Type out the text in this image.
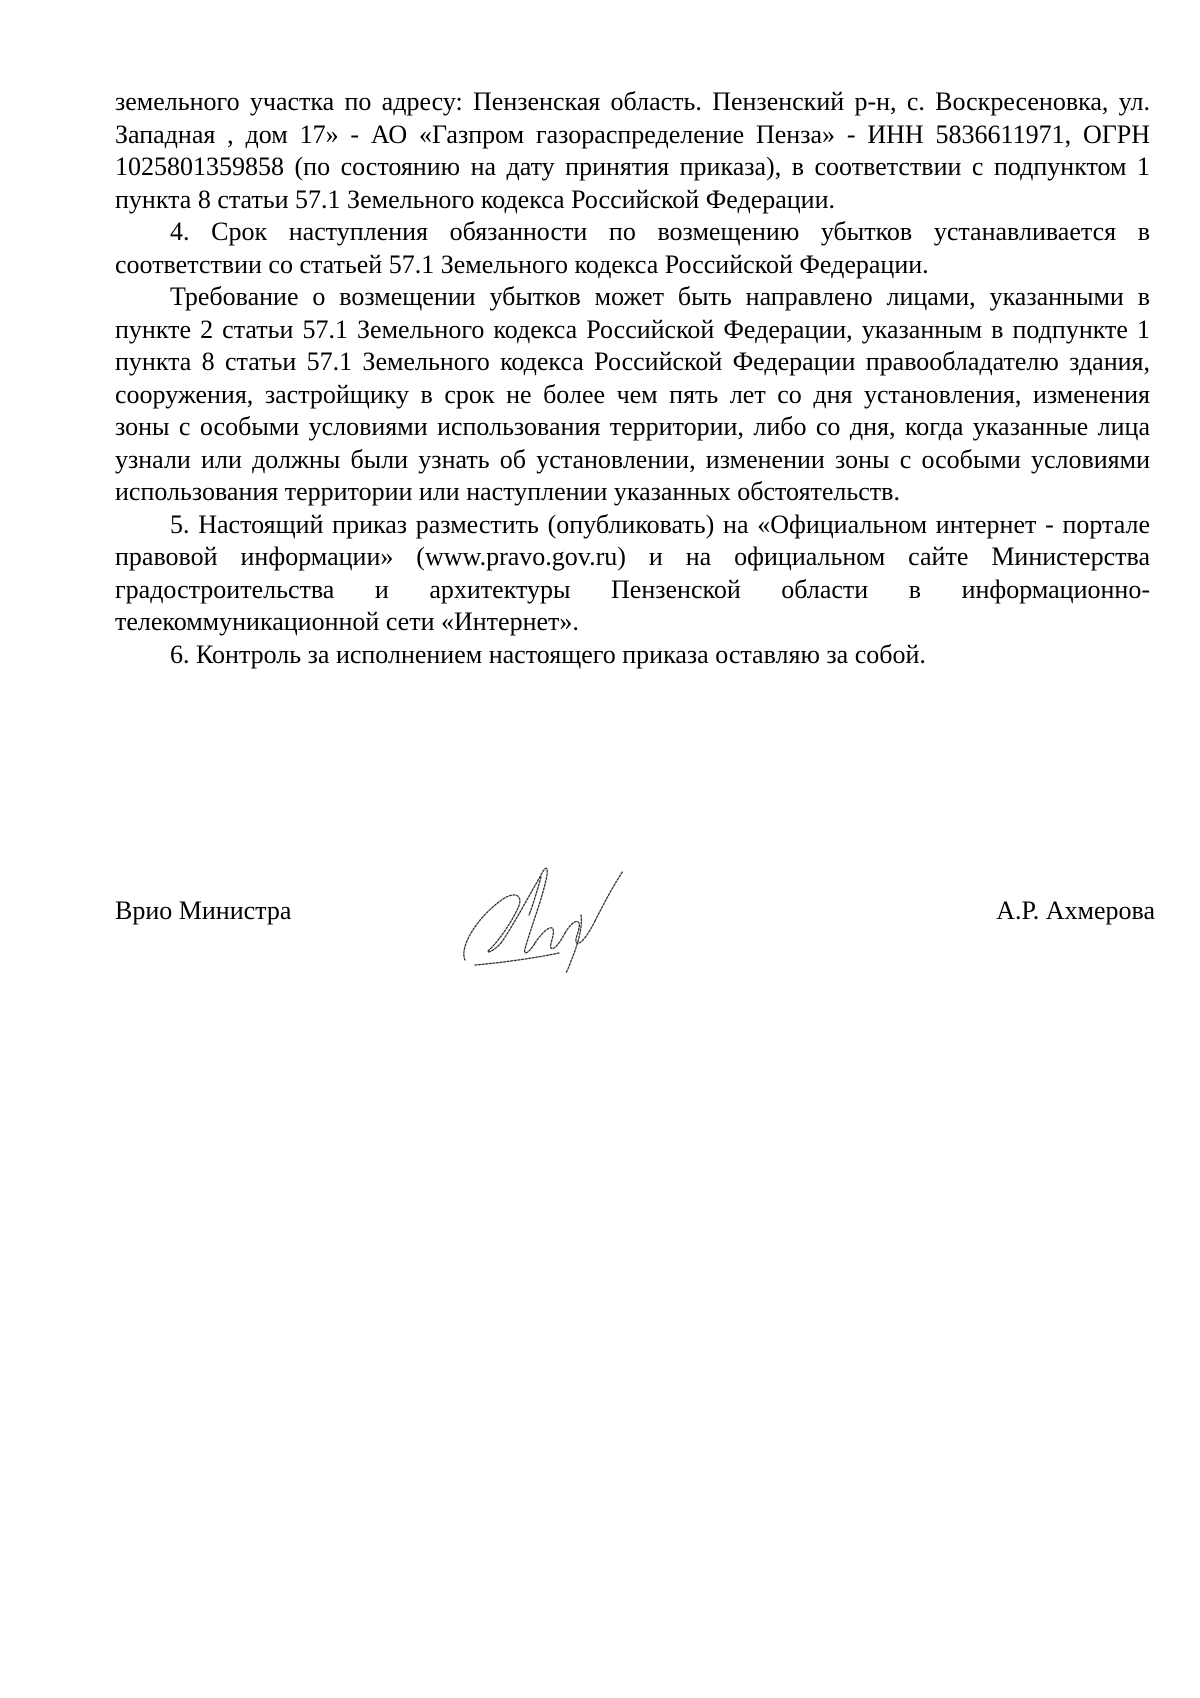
земельного участка по адресу: Пензенская область. Пензенский р-н, с. Воскресеновка, ул. Западная , дом 17» - АО «Газпром газораспределение Пенза» - ИНН 5836611971, ОГРН 1025801359858 (по состоянию на дату принятия приказа), в соответствии с подпунктом 1 пункта 8 статьи 57.1 Земельного кодекса Российской Федерации.

4. Срок наступления обязанности по возмещению убытков устанавливается в соответствии со статьей 57.1 Земельного кодекса Российской Федерации.

Требование о возмещении убытков может быть направлено лицами, указанными в пункте 2 статьи 57.1 Земельного кодекса Российской Федерации, указанным в подпункте 1 пункта 8 статьи 57.1 Земельного кодекса Российской Федерации правообладателю здания, сооружения, застройщику в срок не более чем пять лет со дня установления, изменения зоны с особыми условиями использования территории, либо со дня, когда указанные лица узнали или должны были узнать об установлении, изменении зоны с особыми условиями использования территории или наступлении указанных обстоятельств.

5. Настоящий приказ разместить (опубликовать) на «Официальном интернет - портале правовой информации» (www.pravo.gov.ru) и на официальном сайте Министерства градостроительства и архитектуры Пензенской области в информационно-телекоммуникационной сети «Интернет».

6. Контроль за исполнением настоящего приказа оставляю за собой.

Врио Министра	А.Р. Ахмерова
